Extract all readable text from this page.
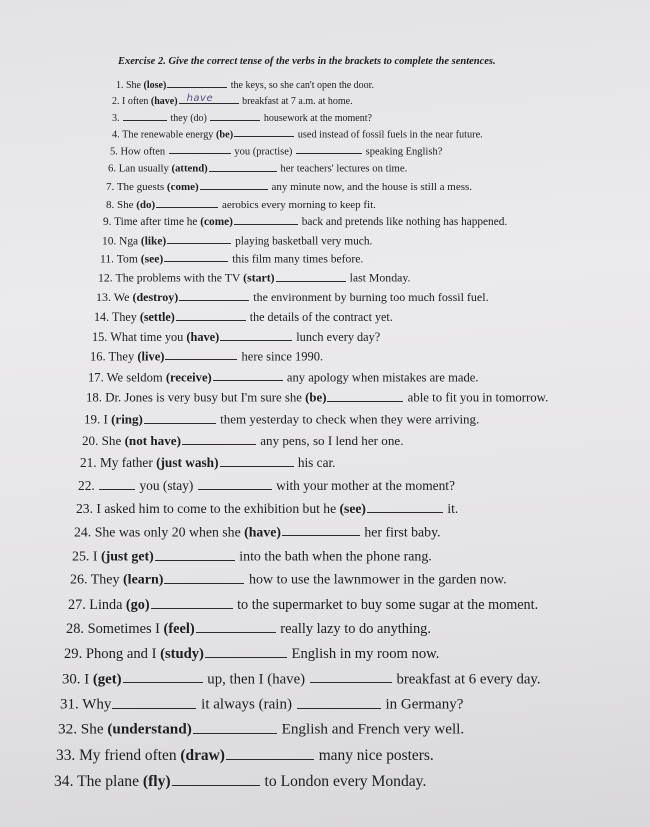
Exercise 2. Give the correct tense of the verbs in the brackets to complete the sentences.
1. She (lose)	the keys, so she can't open the door.
2. I often (have) have	breakfast at 7 a.m. at home.
3.	they (do)	housework at the moment?
4. The renewable energy (be)	used instead of fossil fuels in the near future.
5. How often	you (practise)	speaking English?
6. Lan usually (attend)	her teachers' lectures on time.
7. The guests (come)	any minute now, and the house is still a mess.
8. She (do)	aerobics every morning to keep fit.
9. Time after time he (come)	back and pretends like nothing has happened.
10. Nga (like)	playing basketball very much.
11. Tom (see)	this film many times before.
12. The problems with the TV (start)	last Monday.
13. We (destroy)	the environment by burning too much fossil fuel.
14. They (settle)	the details of the contract yet.
15. What time you (have)	lunch every day?
16. They (live)	here since 1990.
17. We seldom (receive)	any apology when mistakes are made.
18. Dr. Jones is very busy but I'm sure she (be)	able to fit you in tomorrow.
19. I (ring)	them yesterday to check when they were arriving.
20. She (not have)	any pens, so I lend her one.
21. My father (just wash)	his car.
22.	you (stay)	with your mother at the moment?
23. I asked him to come to the exhibition but he (see)	it.
24. She was only 20 when she (have)	her first baby.
25. I (just get)	into the bath when the phone rang.
26. They (learn)	how to use the lawnmower in the garden now.
27. Linda (go)	to the supermarket to buy some sugar at the moment.
28. Sometimes I (feel)	really lazy to do anything.
29. Phong and I (study)	English in my room now.
30. I (get)	up, then I (have)	breakfast at 6 every day.
31. Why	it always (rain)	in Germany?
32. She (understand)	English and French very well.
33. My friend often (draw)	many nice posters.
34. The plane (fly)	to London every Monday.
